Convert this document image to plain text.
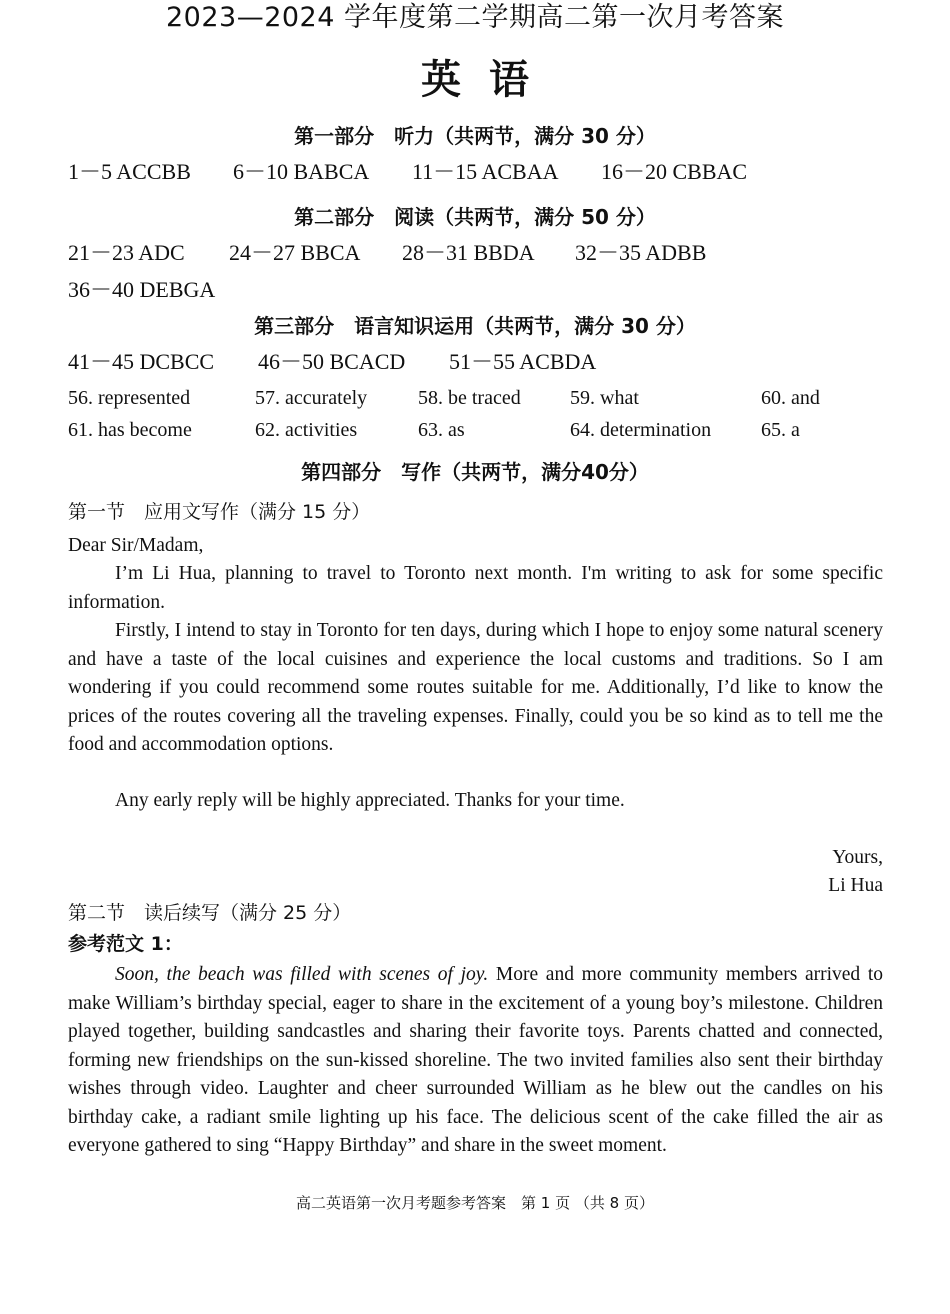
2023—2024 学年度第二学期高二第一次月考答案
英语
第一部分　听力（共两节，满分 30 分）
1－5 ACCBB 6－10 BABCA 11－15 ACBAA 16－20 CBBAC
第二部分　阅读（共两节，满分 50 分）
21－23 ADC 24－27 BBCA 28－31 BBDA 32－35 ADBB
36－40 DEBGA
第三部分　语言知识运用（共两节，满分 30 分）
41－45 DCBCC 46－50 BCACD 51－55 ACBDA
56. represented	57. accurately	58. be traced 59. what	60. and
61. has become	62. activities	63. as	64. determination 65. a
第四部分　写作（共两节，满分40分）
第一节　应用文写作（满分 15 分）
Dear Sir/Madam,
I’m Li Hua, planning to travel to Toronto next month. I'm writing to ask for some specific information.
Firstly, I intend to stay in Toronto for ten days, during which I hope to enjoy some natural scenery and have a taste of the local cuisines and experience the local customs and traditions. So I am wondering if you could recommend some routes suitable for me. Additionally, I’d like to know the prices of the routes covering all the traveling expenses. Finally, could you be so kind as to tell me the food and accommodation options.
Any early reply will be highly appreciated. Thanks for your time.
Yours,
Li Hua
第二节　读后续写（满分 25 分）
参考范文 1：
Soon, the beach was filled with scenes of joy. More and more community members arrived to make William’s birthday special, eager to share in the excitement of a young boy’s milestone. Children played together, building sandcastles and sharing their favorite toys. Parents chatted and connected, forming new friendships on the sun-kissed shoreline. The two invited families also sent their birthday wishes through video. Laughter and cheer surrounded William as he blew out the candles on his birthday cake, a radiant smile lighting up his face. The delicious scent of the cake filled the air as everyone gathered to sing “Happy Birthday” and share in the sweet moment.
高二英语第一次月考题参考答案　第 1 页 （共 8 页）
